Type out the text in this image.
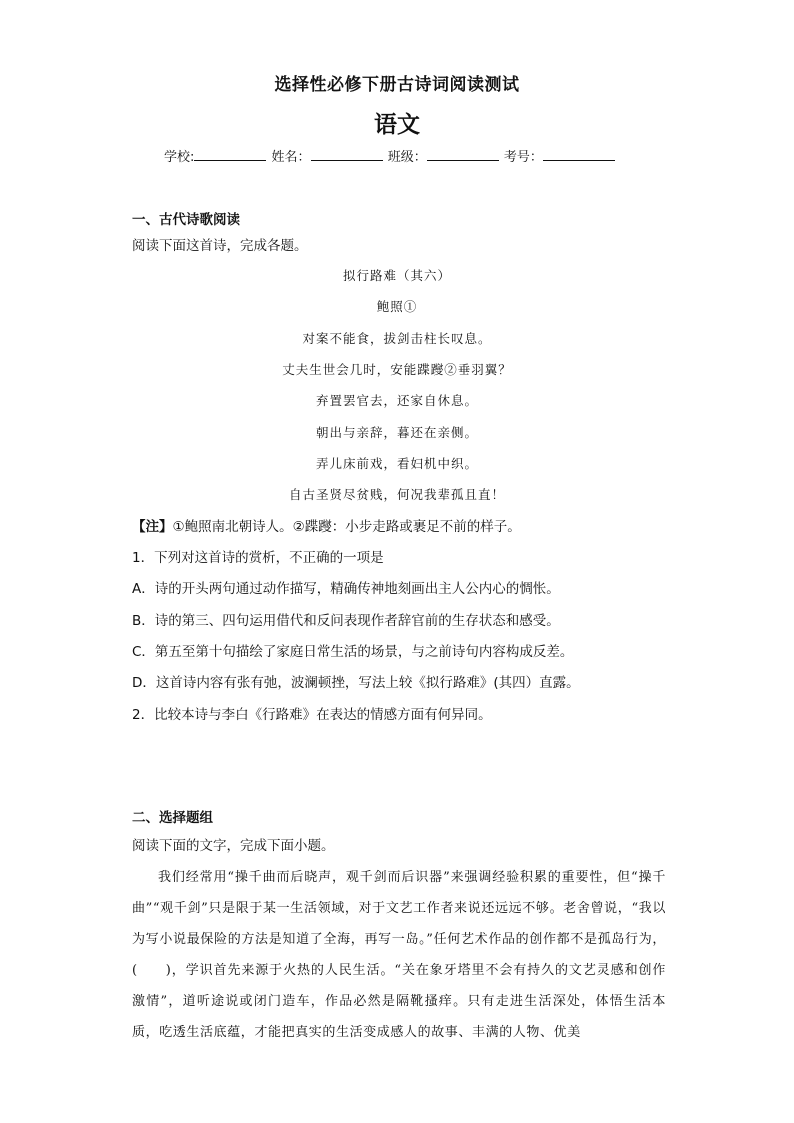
选择性必修下册古诗词阅读测试
语文
学校:	姓名：	班级：	考号：
一、古代诗歌阅读
阅读下面这首诗，完成各题。
拟行路难（其六）
鲍照①
对案不能食，拔剑击柱长叹息。
丈夫生世会几时，安能蹀躞②垂羽翼？
弃置罢官去，还家自休息。
朝出与亲辞，暮还在亲侧。
弄儿床前戏，看妇机中织。
自古圣贤尽贫贱，何况我辈孤且直！
【注】①鲍照南北朝诗人。②蹀躞：小步走路或裹足不前的样子。
1．下列对这首诗的赏析，不正确的一项是
A．诗的开头两句通过动作描写，精确传神地刻画出主人公内心的惆怅。
B．诗的第三、四句运用借代和反问表现作者辞官前的生存状态和感受。
C．第五至第十句描绘了家庭日常生活的场景，与之前诗句内容构成反差。
D．这首诗内容有张有弛，波澜顿挫，写法上较《拟行路难》(其四）直露。
2．比较本诗与李白《行路难》在表达的情感方面有何异同。
二、选择题组
阅读下面的文字，完成下面小题。

我们经常用“操千曲而后晓声，观千剑而后识器”来强调经验积累的重要性，但“操千曲”“观千剑”只是限于某一生活领域，对于文艺工作者来说还远远不够。老舍曾说，“我以为写小说最保险的方法是知道了全海，再写一岛。”任何艺术作品的创作都不是孤岛行为，(　　)，学识首先来源于火热的人民生活。“关在象牙塔里不会有持久的文艺灵感和创作激情”，道听途说或闭门造车，作品必然是隔靴搔痒。只有走进生活深处，体悟生活本质，吃透生活底蕴，才能把真实的生活变成感人的故事、丰满的人物、优美
